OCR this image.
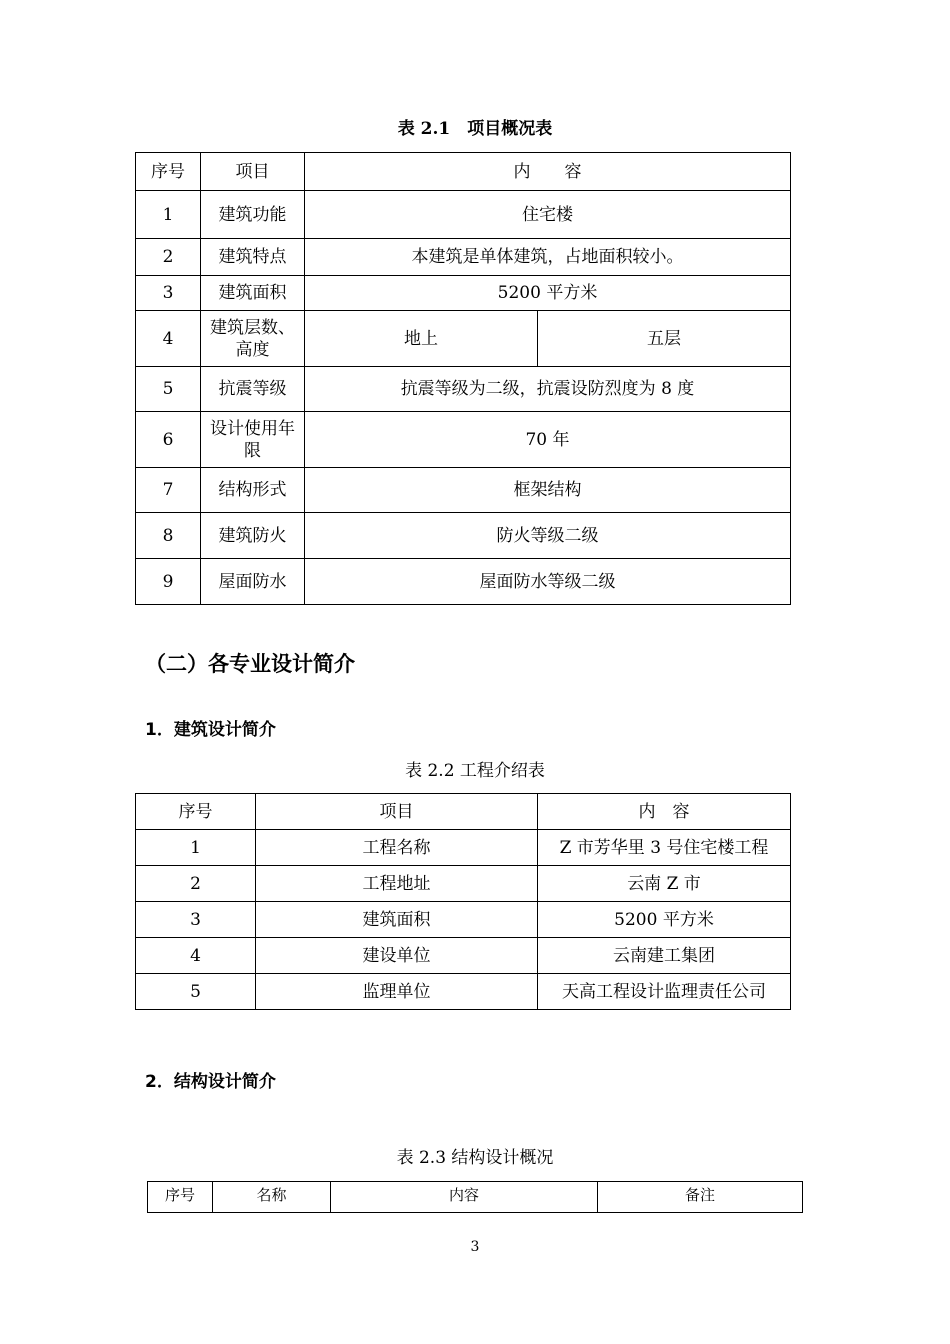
表 2.1　项目概况表
序号	项目	内　　容	
1	建筑功能	住宅楼	
2	建筑特点	本建筑是单体建筑，占地面积较小。	
3	建筑面积	5200 平方米	
4	建筑层数、高度	地上	五层
5	抗震等级	抗震等级为二级，抗震设防烈度为 8 度	
6	设计使用年限	70 年	
7	结构形式	框架结构	
8	建筑防火	防火等级二级	
9	屋面防水	屋面防水等级二级	
（二）各专业设计简介
1．建筑设计简介
表 2.2 工程介绍表
序号	项目	内　容
1	工程名称	Z 市芳华里 3 号住宅楼工程
2	工程地址	云南 Z 市
3	建筑面积	5200 平方米
4	建设单位	云南建工集团
5	监理单位	天高工程设计监理责任公司
2．结构设计简介
表 2.3 结构设计概况
序号	名称	内容	备注
3
